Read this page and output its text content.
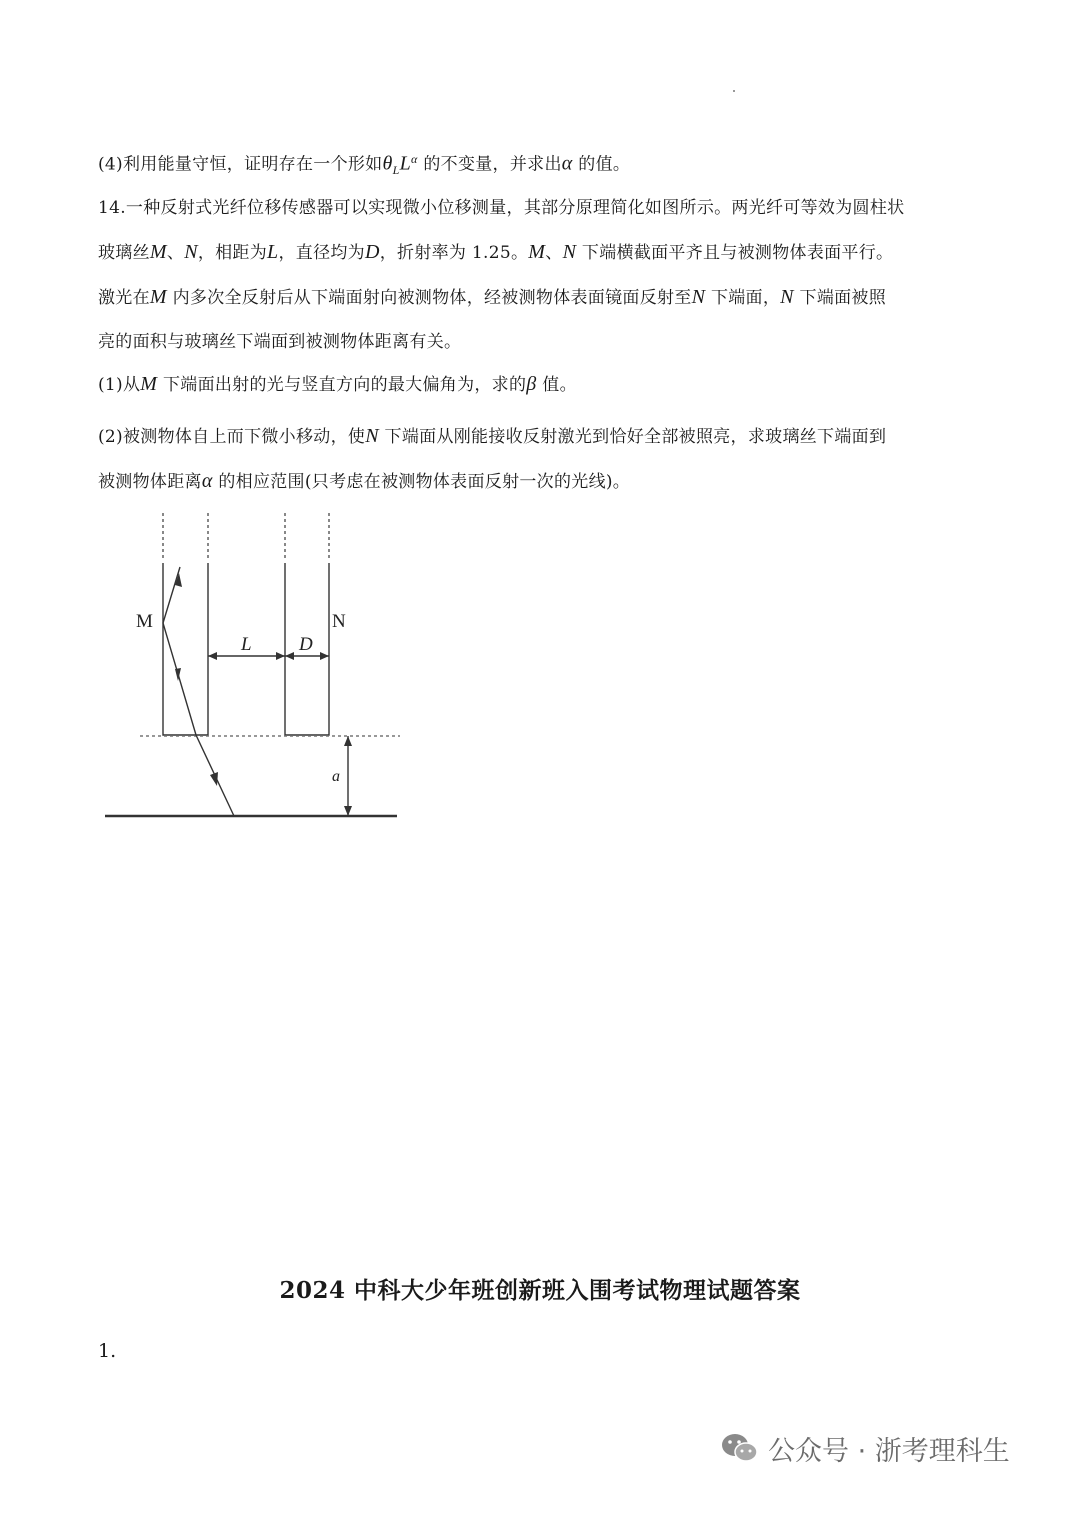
(4)利用能量守恒，证明存在一个形如$\theta_LL^\alpha$ 的不变量，并求出α 的值。
14.一种反射式光纤位移传感器可以实现微小位移测量，其部分原理简化如图所示。两光纤可等效为圆柱状
玻璃丝M、N，相距为L，直径均为D，折射率为 1.25。M、N 下端横截面平齐且与被测物体表面平行。
激光在M 内多次全反射后从下端面射向被测物体，经被测物体表面镜面反射至N 下端面，N 下端面被照
亮的面积与玻璃丝下端面到被测物体距离有关。
(1)从M 下端面出射的光与竖直方向的最大偏角为，求的β 值。
(2)被测物体自上而下微小移动，使N 下端面从刚能接收反射激光到恰好全部被照亮，求玻璃丝下端面到
被测物体距离α 的相应范围(只考虑在被测物体表面反射一次的光线)。
M	N
L D
a
2024 中科大少年班创新班入围考试物理试题答案
1.
公众号 · 浙考理科生
